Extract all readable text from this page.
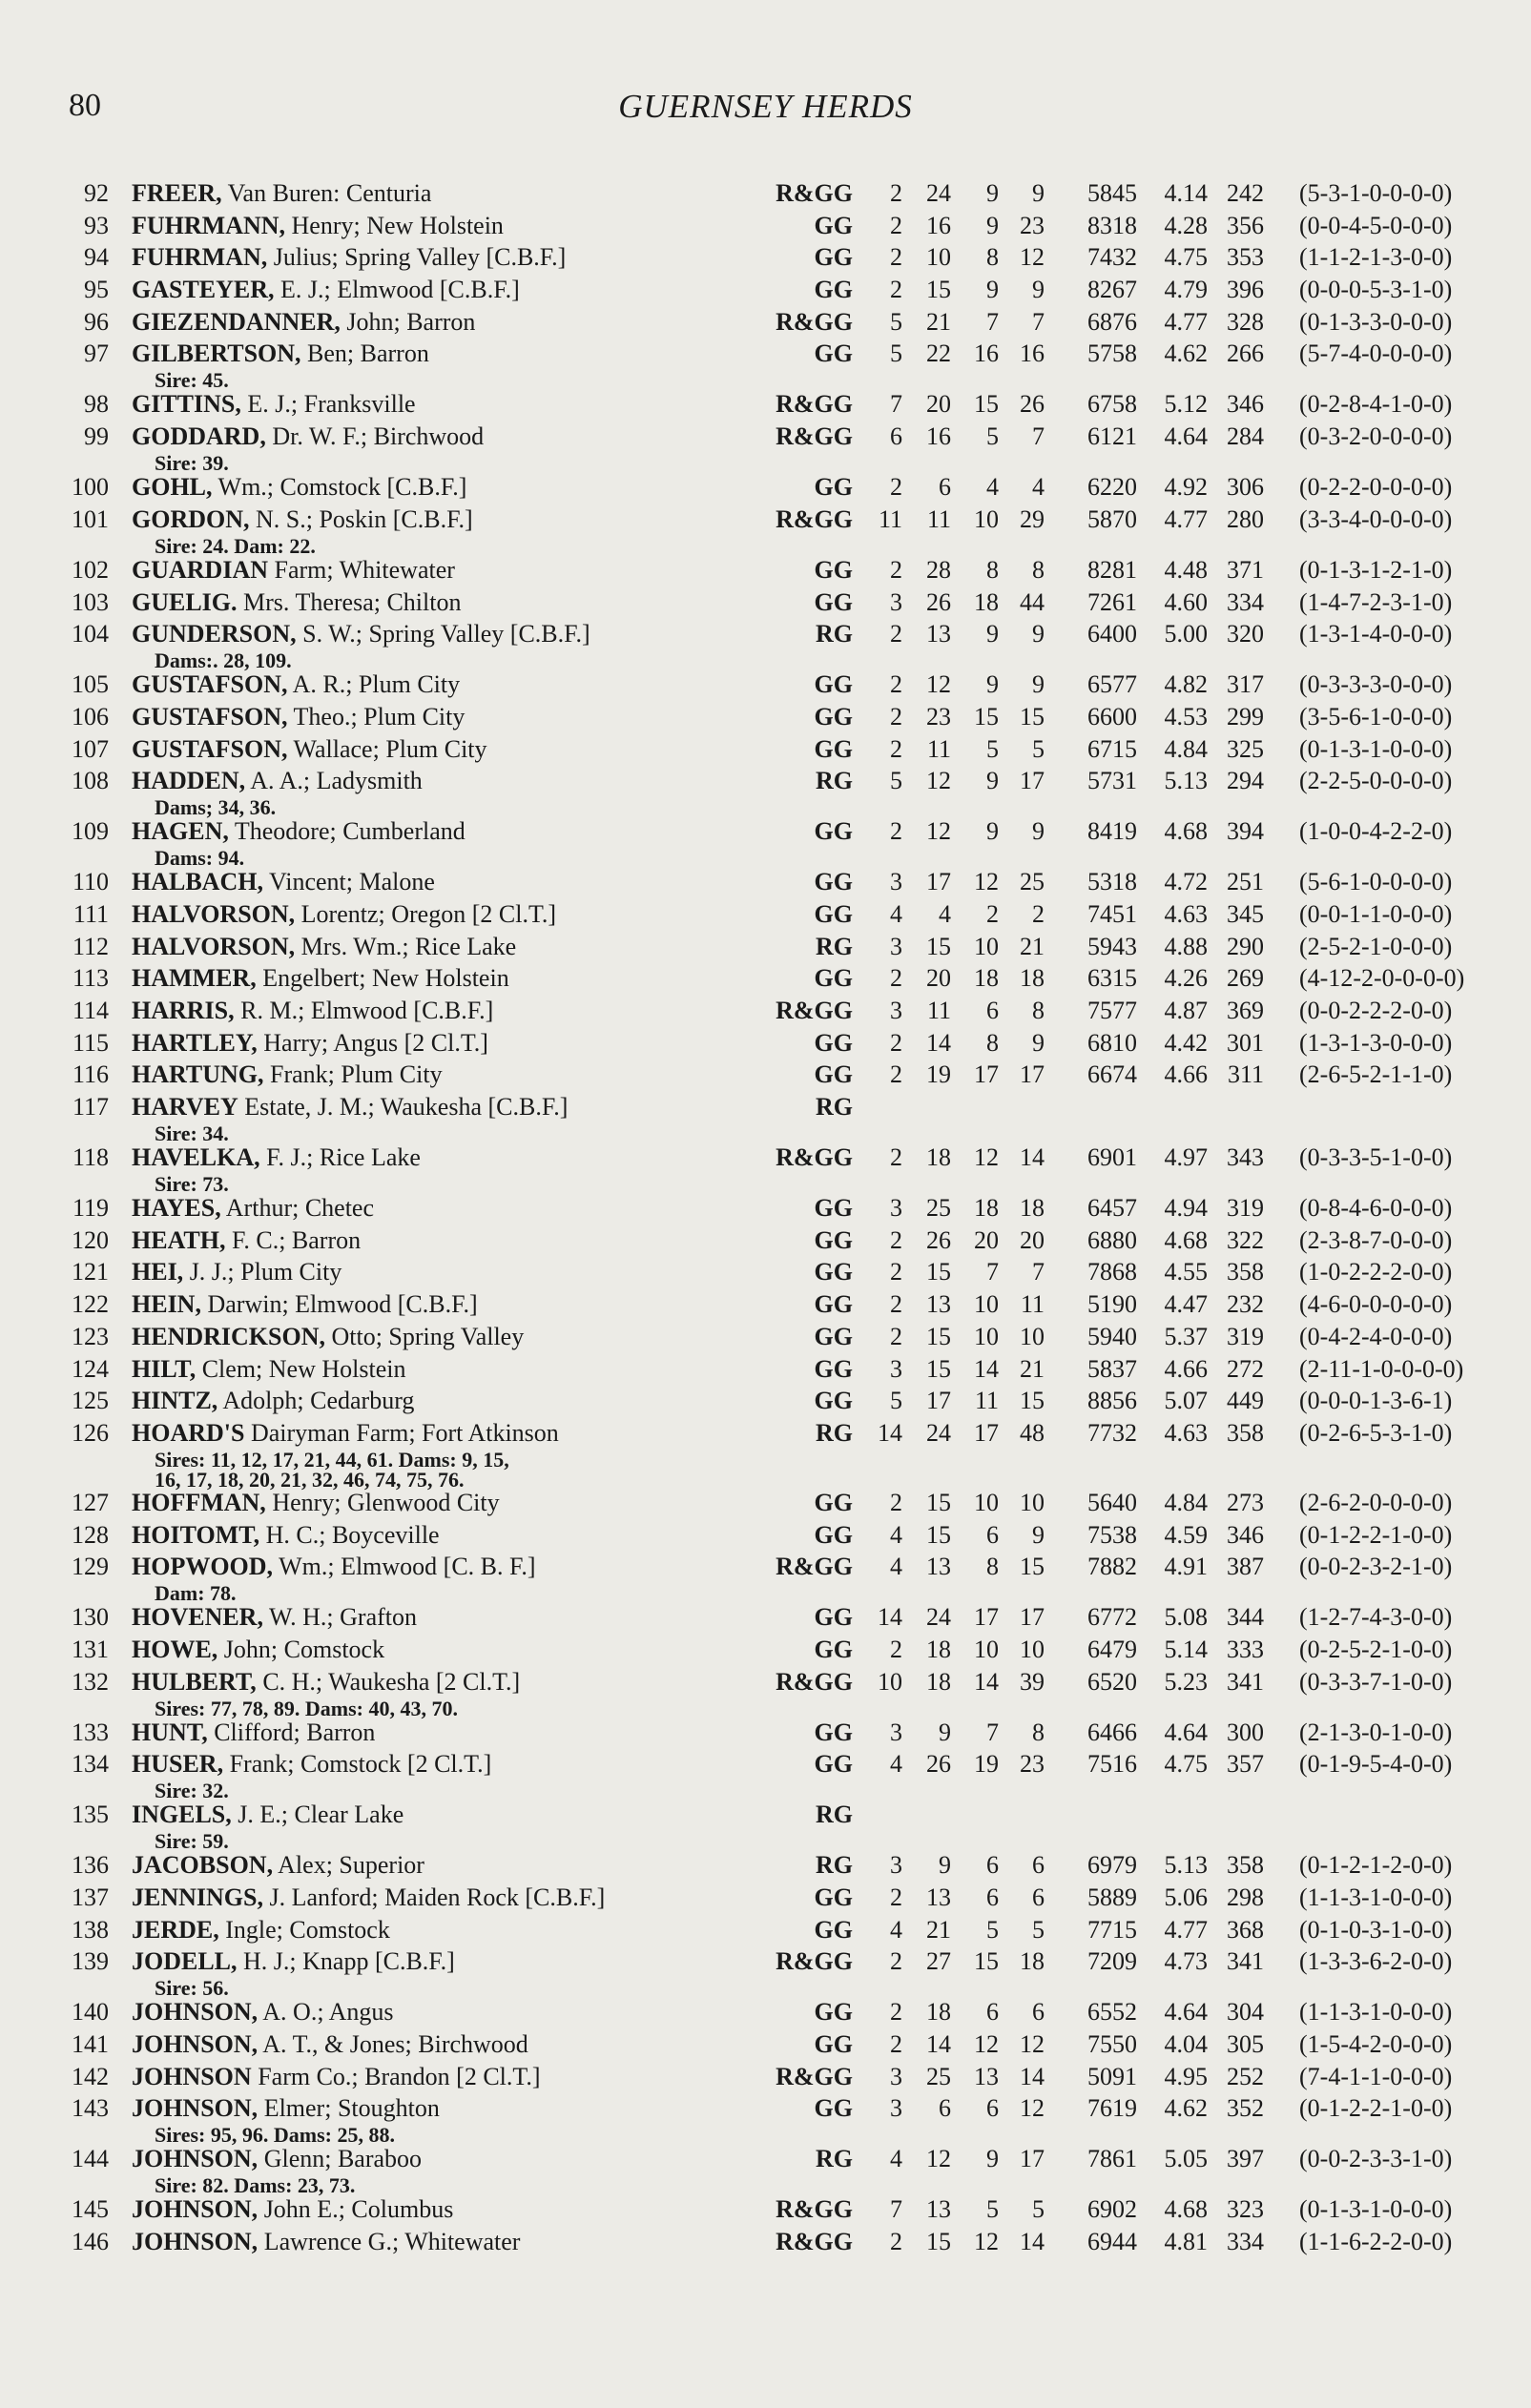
80	GUERNSEY HERDS
92 FREER, Van Buren: Centuria	R&GG	2 24	9	9	5845	4.14 242 (5-3-1-0-0-0-0)
93 FUHRMANN, Henry; New Holstein	GG	2 16	9 23	8318	4.28 356 (0-0-4-5-0-0-0)
94 FUHRMAN, Julius; Spring Valley [C.B.F.]	GG	2 10	8 12	7432	4.75 353 (1-1-2-1-3-0-0)
95 GASTEYER, E. J.; Elmwood [C.B.F.]	GG	2 15	9	9	8267	4.79 396 (0-0-0-5-3-1-0)
96 GIEZENDANNER, John; Barron	R&GG	5 21	7	7	6876	4.77 328 (0-1-3-3-0-0-0)
97 GILBERTSON, Ben; Barron	GG	5 22 16 16	5758	4.62 266 (5-7-4-0-0-0-0)
Sire: 45.
98 GITTINS, E. J.; Franksville	R&GG	7 20 15 26	6758	5.12 346 (0-2-8-4-1-0-0)
99 GODDARD, Dr. W. F.; Birchwood	R&GG	6 16	5	7	6121	4.64 284 (0-3-2-0-0-0-0)
Sire: 39.
100 GOHL, Wm.; Comstock [C.B.F.]	GG	2	6	4	4	6220	4.92 306 (0-2-2-0-0-0-0)
101 GORDON, N. S.; Poskin [C.B.F.]	R&GG	11 11 10 29	5870	4.77 280 (3-3-4-0-0-0-0)
Sire: 24. Dam: 22.
102 GUARDIAN Farm; Whitewater	GG	2 28	8	8	8281	4.48 371 (0-1-3-1-2-1-0)
103 GUELIG. Mrs. Theresa; Chilton	GG	3 26 18 44	7261	4.60 334 (1-4-7-2-3-1-0)
104 GUNDERSON, S. W.; Spring Valley [C.B.F.]	RG	2 13	9	9	6400	5.00 320 (1-3-1-4-0-0-0)
Dams:. 28, 109.
105 GUSTAFSON, A. R.; Plum City	GG	2 12	9	9	6577	4.82 317 (0-3-3-3-0-0-0)
106 GUSTAFSON, Theo.; Plum City	GG	2 23 15 15	6600	4.53 299 (3-5-6-1-0-0-0)
107 GUSTAFSON, Wallace; Plum City	GG	2 11	5	5	6715	4.84 325 (0-1-3-1-0-0-0)
108 HADDEN, A. A.; Ladysmith	RG	5 12	9 17	5731	5.13 294 (2-2-5-0-0-0-0)
Dams; 34, 36.
109 HAGEN, Theodore; Cumberland	GG	2 12	9	9	8419	4.68 394 (1-0-0-4-2-2-0)
Dams: 94.
110 HALBACH, Vincent; Malone	GG	3 17 12 25	5318	4.72 251 (5-6-1-0-0-0-0)
111 HALVORSON, Lorentz; Oregon [2 Cl.T.]	GG	4	4	2	2	7451	4.63 345 (0-0-1-1-0-0-0)
112 HALVORSON, Mrs. Wm.; Rice Lake	RG	3 15 10 21	5943	4.88 290 (2-5-2-1-0-0-0)
113 HAMMER, Engelbert; New Holstein	GG	2 20 18 18	6315	4.26 269 (4-12-2-0-0-0-0)
114 HARRIS, R. M.; Elmwood [C.B.F.]	R&GG	3 11	6	8	7577	4.87 369 (0-0-2-2-2-0-0)
115 HARTLEY, Harry; Angus [2 Cl.T.]	GG	2 14	8	9	6810	4.42 301 (1-3-1-3-0-0-0)
116 HARTUNG, Frank; Plum City	GG	2 19 17 17	6674	4.66 311 (2-6-5-2-1-1-0)
117 HARVEY Estate, J. M.; Waukesha [C.B.F.]	RG
Sire: 34.
118 HAVELKA, F. J.; Rice Lake	R&GG	2 18 12 14	6901	4.97 343 (0-3-3-5-1-0-0)
Sire: 73.
119 HAYES, Arthur; Chetec	GG	3 25 18 18	6457	4.94 319 (0-8-4-6-0-0-0)
120 HEATH, F. C.; Barron	GG	2 26 20 20	6880	4.68 322 (2-3-8-7-0-0-0)
121 HEI, J. J.; Plum City	GG	2 15	7	7	7868	4.55 358 (1-0-2-2-2-0-0)
122 HEIN, Darwin; Elmwood [C.B.F.]	GG	2 13 10 11	5190	4.47 232 (4-6-0-0-0-0-0)
123 HENDRICKSON, Otto; Spring Valley	GG	2 15 10 10	5940	5.37 319 (0-4-2-4-0-0-0)
124 HILT, Clem; New Holstein	GG	3 15 14 21	5837	4.66 272 (2-11-1-0-0-0-0)
125 HINTZ, Adolph; Cedarburg	GG	5 17 11 15	8856	5.07 449 (0-0-0-1-3-6-1)
126 HOARD'S Dairyman Farm; Fort Atkinson	RG	14 24 17 48	7732	4.63 358 (0-2-6-5-3-1-0)
Sires: 11, 12, 17, 21, 44, 61. Dams: 9, 15,
16, 17, 18, 20, 21, 32, 46, 74, 75, 76.
127 HOFFMAN, Henry; Glenwood City	GG	2 15 10 10	5640	4.84 273 (2-6-2-0-0-0-0)
128 HOITOMT, H. C.; Boyceville	GG	4 15	6	9	7538	4.59 346 (0-1-2-2-1-0-0)
129 HOPWOOD, Wm.; Elmwood [C. B. F.]	R&GG	4 13	8 15	7882	4.91 387 (0-0-2-3-2-1-0)
Dam: 78.
130 HOVENER, W. H.; Grafton	GG	14 24 17 17	6772	5.08 344 (1-2-7-4-3-0-0)
131 HOWE, John; Comstock	GG	2 18 10 10	6479	5.14 333 (0-2-5-2-1-0-0)
132 HULBERT, C. H.; Waukesha [2 Cl.T.]	R&GG	10 18 14 39	6520	5.23 341 (0-3-3-7-1-0-0)
Sires: 77, 78, 89. Dams: 40, 43, 70.
133 HUNT, Clifford; Barron	GG	3	9	7	8	6466	4.64 300 (2-1-3-0-1-0-0)
134 HUSER, Frank; Comstock [2 Cl.T.]	GG	4 26 19 23	7516	4.75 357 (0-1-9-5-4-0-0)
Sire: 32.
135 INGELS, J. E.; Clear Lake	RG
Sire: 59.
136 JACOBSON, Alex; Superior	RG	3	9	6	6	6979	5.13 358 (0-1-2-1-2-0-0)
137 JENNINGS, J. Lanford; Maiden Rock [C.B.F.]	GG	2 13	6	6	5889	5.06 298 (1-1-3-1-0-0-0)
138 JERDE, Ingle; Comstock	GG	4 21	5	5	7715	4.77 368 (0-1-0-3-1-0-0)
139 JODELL, H. J.; Knapp [C.B.F.]	R&GG	2 27 15 18	7209	4.73 341 (1-3-3-6-2-0-0)
Sire: 56.
140 JOHNSON, A. O.; Angus	GG	2 18	6	6	6552	4.64 304 (1-1-3-1-0-0-0)
141 JOHNSON, A. T., & Jones; Birchwood	GG	2 14 12 12	7550	4.04 305 (1-5-4-2-0-0-0)
142 JOHNSON Farm Co.; Brandon [2 Cl.T.]	R&GG	3 25 13 14	5091	4.95 252 (7-4-1-1-0-0-0)
143 JOHNSON, Elmer; Stoughton	GG	3	6	6 12	7619	4.62 352 (0-1-2-2-1-0-0)
Sires: 95, 96. Dams: 25, 88.
144 JOHNSON, Glenn; Baraboo	RG	4 12	9 17	7861	5.05 397 (0-0-2-3-3-1-0)
Sire: 82. Dams: 23, 73.
145 JOHNSON, John E.; Columbus	R&GG	7 13	5	5	6902	4.68 323 (0-1-3-1-0-0-0)
146 JOHNSON, Lawrence G.; Whitewater	R&GG	2 15 12 14	6944	4.81 334 (1-1-6-2-2-0-0)
